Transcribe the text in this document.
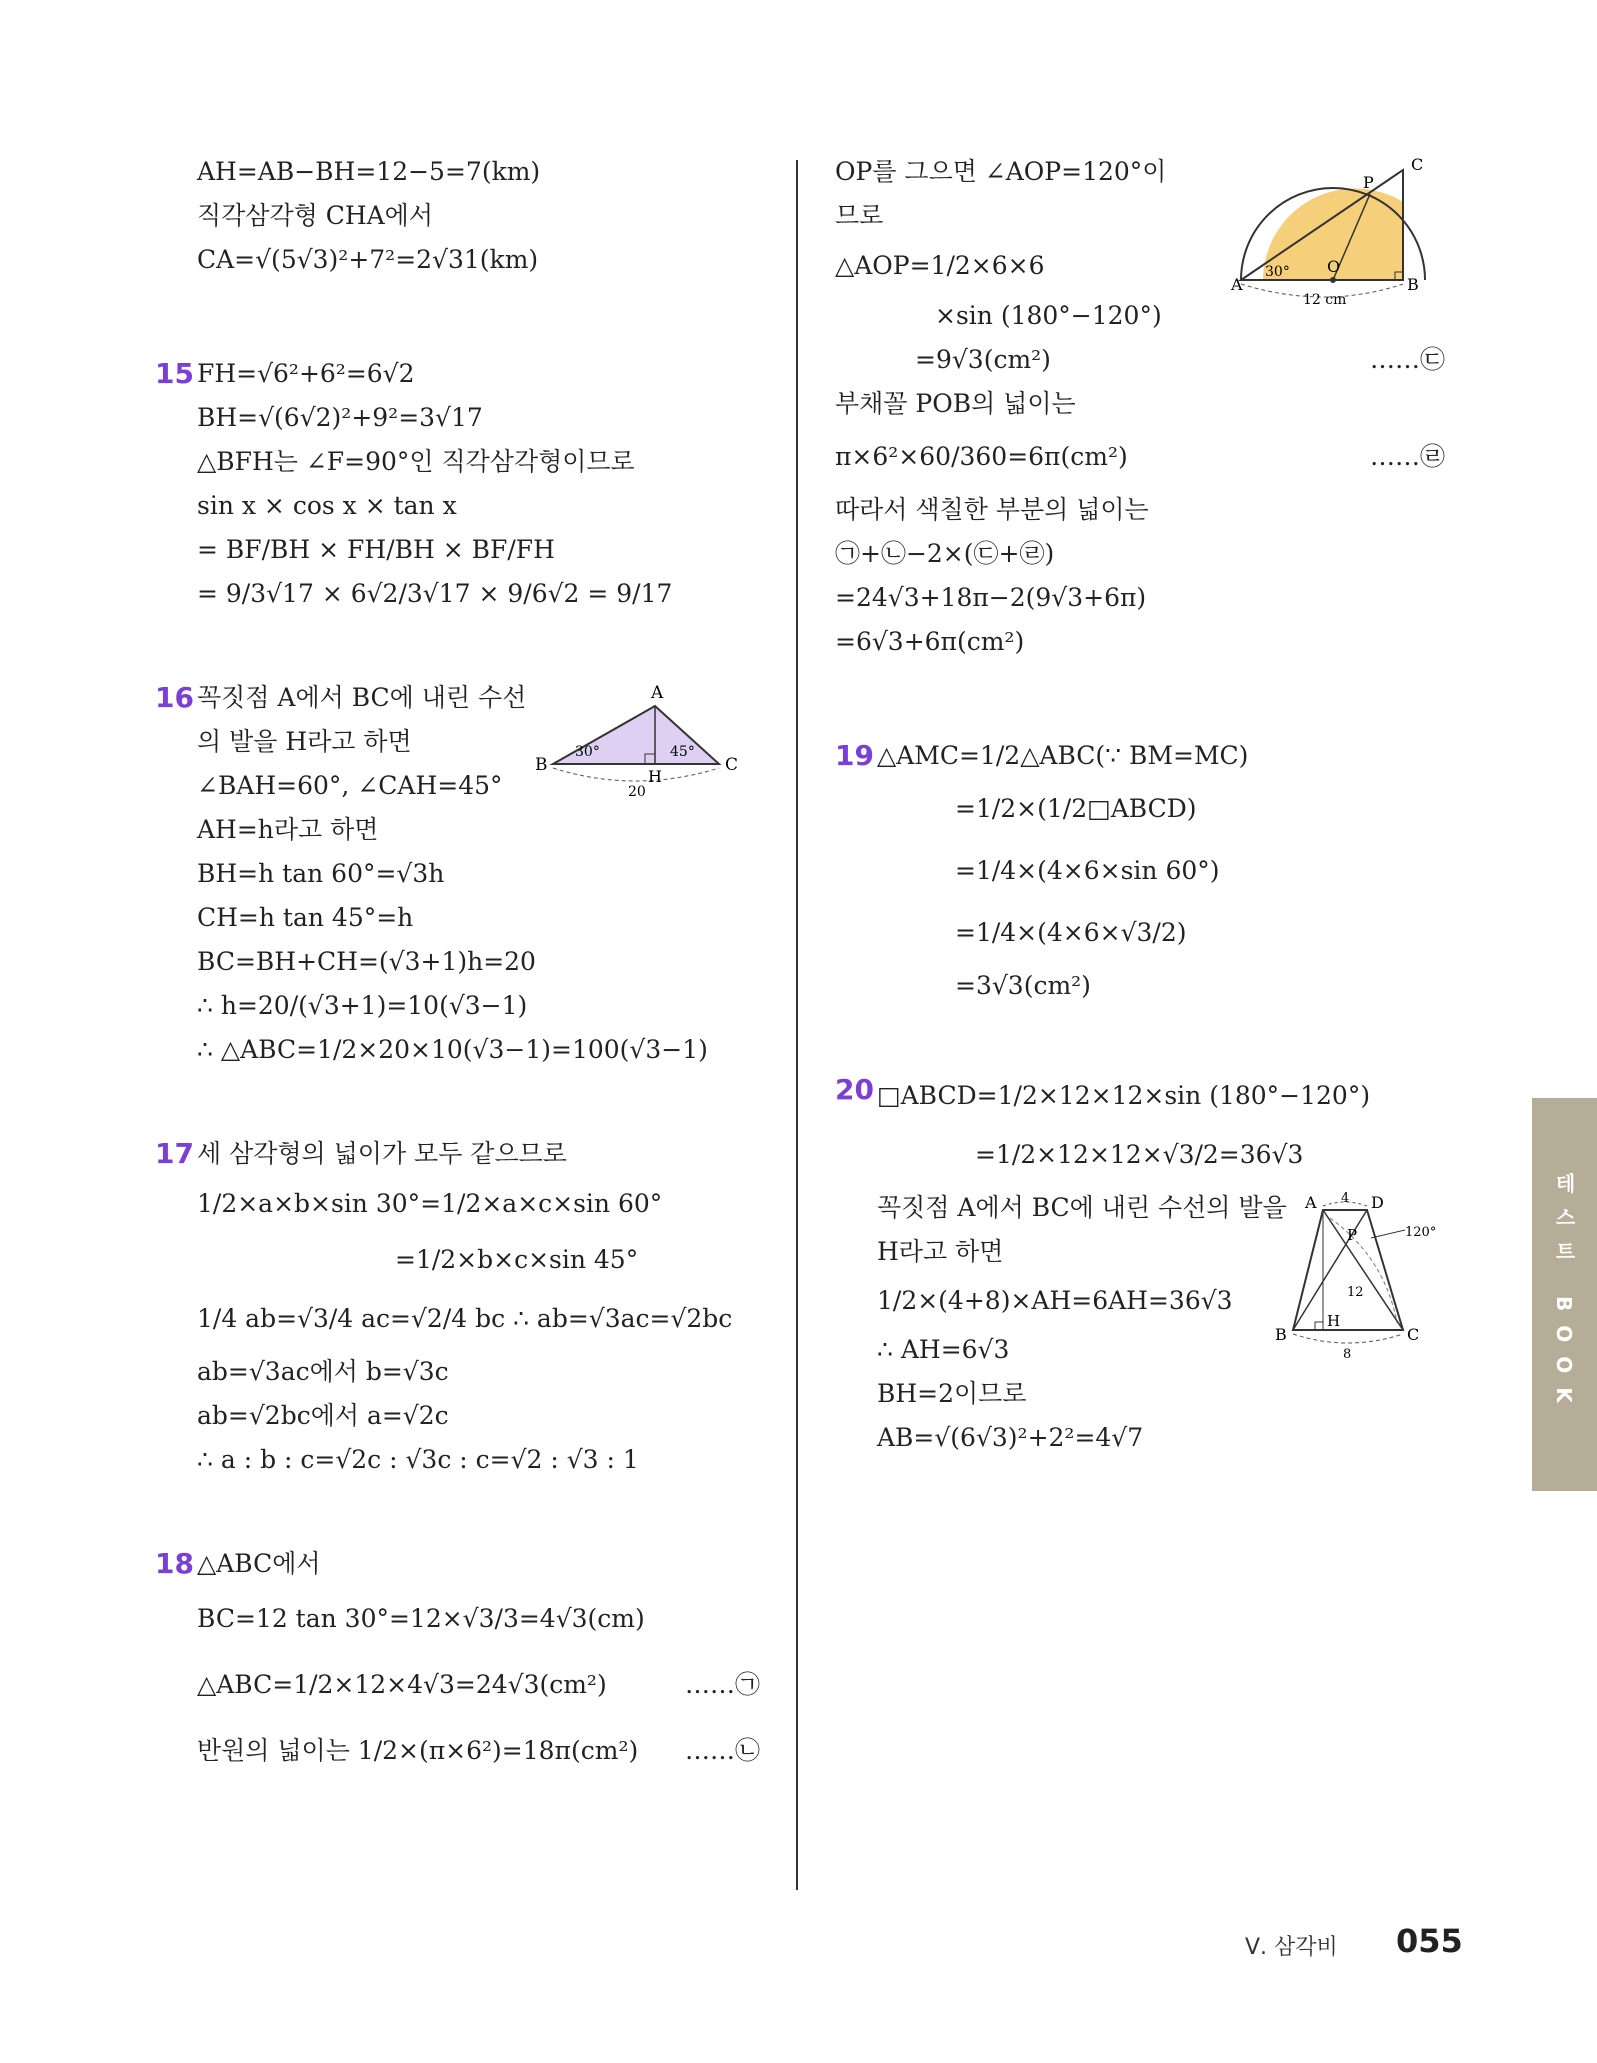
AH=AB−BH=12−5=7(km)
직각삼각형 CHA에서
CA=√(5√3)²+7²=2√31(km)
15 FH=√6²+6²=6√2
BH=√(6√2)²+9²=3√17
△BFH는 ∠F=90°인 직각삼각형이므로
sin x × cos x × tan x
= BF/BH × FH/BH × BF/FH
= 9/3√17 × 6√2/3√17 × 9/6√2 = 9/17
16 꼭짓점 A에서 BC에 내린 수선
의 발을 H라고 하면
∠BAH=60°, ∠CAH=45°
AH=h라고 하면
BH=h tan 60°=√3h
CH=h tan 45°=h
BC=BH+CH=(√3+1)h=20
∴ h=20/(√3+1)=10(√3−1)
∴ △ABC=1/2×20×10(√3−1)=100(√3−1)
A
B	C
H
30°	45°
20
17 세 삼각형의 넓이가 모두 같으므로
1/2×a×b×sin 30°=1/2×a×c×sin 60°
=1/2×b×c×sin 45°
1/4 ab=√3/4 ac=√2/4 bc ∴ ab=√3ac=√2bc
ab=√3ac에서 b=√3c
ab=√2bc에서 a=√2c
∴ a : b : c=√2c : √3c : c=√2 : √3 : 1
18 △ABC에서
BC=12 tan 30°=12×√3/3=4√3(cm)
△ABC=1/2×12×4√3=24√3(cm²)	……㉠
반원의 넓이는 1/2×(π×6²)=18π(cm²) ……㉡
OP를 그으면 ∠AOP=120°이
므로
△AOP=1/2×6×6
×sin (180°−120°)
=9√3(cm²)	……㉢
부채꼴 POB의 넓이는
π×6²×60/360=6π(cm²)	……㉣
따라서 색칠한 부분의 넓이는
㉠+㉡−2×(㉢+㉣)
=24√3+18π−2(9√3+6π)
=6√3+6π(cm²)
A
O
P
B
C
30°
12 cm
19 △AMC=1/2△ABC(∵ BM=MC)
=1/2×(1/2□ABCD)
=1/4×(4×6×sin 60°)
=1/4×(4×6×√3/2)
=3√3(cm²)
20 □ABCD=1/2×12×12×sin (180°−120°)
=1/2×12×12×√3/2=36√3
꼭짓점 A에서 BC에 내린 수선의 발을
H라고 하면
1/2×(4+8)×AH=6AH=36√3
∴ AH=6√3
BH=2이므로
AB=√(6√3)²+2²=4√7
A	D
B	C
P
H
4
8
12
120°	테스트 BOOK
Ⅴ. 삼각비 055
